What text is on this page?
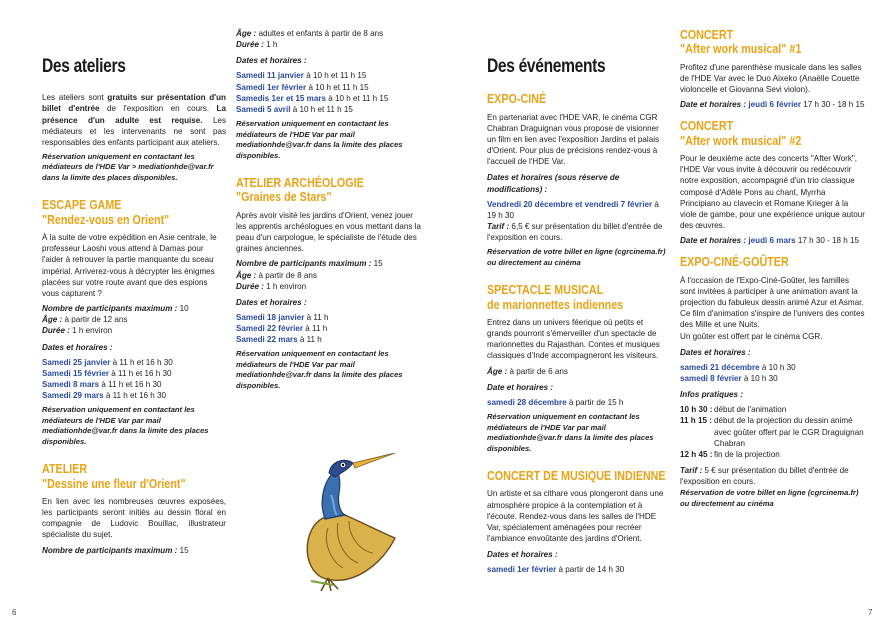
Des ateliers

Les ateliers sont gratuits sur présentation d'un billet d'entrée de l'exposition en cours. La présence d'un adulte est requise. Les médiateurs et les intervenants ne sont pas responsables des enfants participant aux ateliers.

Réservation uniquement en contactant les médiateurs de l'HDE Var > mediationhde@var.fr dans la limite des places disponibles.

ESCAPE GAME
"Rendez-vous en Orient"

À la suite de votre expédition en Asie centrale, le professeur Laoshi vous attend à Damas pour l'aider à retrouver la partie manquante du sceau impérial. Arriverez-vous à décrypter les énigmes placées sur votre route avant que des espions vous capturent ?

Nombre de participants maximum : 10

Âge : à partir de 12 ans

Durée : 1 h environ

Dates et horaires :

Samedi 25 janvier à 11 h et 16 h 30

Samedi 15 février à 11 h et 16 h 30

Samedi 8 mars à 11 h et 16 h 30

Samedi 29 mars à 11 h et 16 h 30

Réservation uniquement en contactant les médiateurs de l'HDE Var par mail mediationhde@var.fr dans la limite des places disponibles.

ATELIER
"Dessine une fleur d'Orient"

En lien avec les nombreuses œuvres exposées, les participants seront initiés au dessin floral en compagnie de Ludovic Bouillac, illustrateur spécialiste du sujet.

Nombre de participants maximum : 15

Âge : adultes et enfants à partir de 8 ans

Durée : 1 h

Dates et horaires :

Samedi 11 janvier à 10 h et 11 h 15

Samedi 1er février à 10 h et 11 h 15

Samedis 1er et 15 mars à 10 h et 11 h 15

Samedi 5 avril à 10 h et 11 h 15

Réservation uniquement en contactant les médiateurs de l'HDE Var par mail mediationhde@var.fr dans la limite des places disponibles.

ATELIER ARCHÉOLOGIE
"Graines de Stars"

Après avoir visité les jardins d'Orient, venez jouer les apprentis archéologues en vous mettant dans la peau d'un carpologue, le spécialiste de l'étude des graines anciennes.

Nombre de participants maximum : 15

Âge : à partir de 8 ans

Durée : 1 h environ

Dates et horaires :

Samedi 18 janvier à 11 h

Samedi 22 février à 11 h

Samedi 22 mars à 11 h

Réservation uniquement en contactant les médiateurs de l'HDE Var par mail mediationhde@var.fr dans la limite des places disponibles.

Des événements
EXPO-CINÉ

En partenariat avec l'HDE VAR, le cinéma CGR Chabran Draguignan vous propose de visionner un film en lien avec l'exposition Jardins et palais d'Orient. Pour plus de précisions rendez-vous à l'accueil de l'HDE Var.

Dates et horaires (sous réserve de modifications) :

Vendredi 20 décembre et vendredi 7 février à 19 h 30

Tarif : 6,5 € sur présentation du billet d'entrée de l'exposition en cours.

Réservation de votre billet en ligne (cgrcinema.fr) ou directement au cinéma

SPECTACLE MUSICAL
de marionnettes indiennes

Entrez dans un univers féerique où petits et grands pourront s'émerveiller d'un spectacle de marionnettes du Rajasthan. Contes et musiques classiques d'Inde accompagneront les visiteurs.

Âge : à partir de 6 ans

Date et horaires :

samedi 28 décembre à partir de 15 h

Réservation uniquement en contactant les médiateurs de l'HDE Var par mail mediationhde@var.fr dans la limite des places disponibles.

CONCERT DE MUSIQUE INDIENNE

Un artiste et sa cithare vous plongeront dans une atmosphère propice à la contemplation et à l'écoute. Rendez-vous dans les salles de l'HDE Var, spécialement aménagées pour recréer l'ambiance envoûtante des jardins d'Orient.

Dates et horaires :

samedi 1er février à partir de 14 h 30

CONCERT
"After work musical" #1

Profitez d'une parenthèse musicale dans les salles de l'HDE Var avec le Duo Aixeko (Anaëlle Couette violoncelle et Giovanna Sevi violon).

Date et horaires : jeudi 6 février 17 h 30 - 18 h 15

CONCERT
"After work musical" #2

Pour le deuxième acte des concerts "After Work", l'HDE Var vous invite à découvrir ou redécouvrir notre exposition, accompagné d'un trio classique composé d'Adèle Pons au chant, Myrrha Principiano au clavecin et Romane Krieger à la viole de gambe, pour une expérience unique autour des œuvres.

Date et horaires : jeudi 6 mars 17 h 30 - 18 h 15

EXPO-CINÉ-GOÛTER

À l'occasion de l'Expo-Ciné-Goûter, les familles sont invitées à participer à une animation avant la projection du fabuleux dessin animé Azur et Asmar. Ce film d'animation s'inspire de l'univers des contes des Mille et une Nuits.

Un goûter est offert par le cinéma CGR.

Dates et horaires :

samedi 21 décembre à 10 h 30

samedi 8 février à 10 h 30

Infos pratiques :

10 h 30 : début de l'animation
11 h 15 : début de la projection du dessin animé avec goûter offert par le CGR Draguignan Chabran
12 h 45 : fin de la projection

Tarif : 5 € sur présentation du billet d'entrée de l'exposition en cours.

Réservation de votre billet en ligne (cgrcinema.fr) ou directement au cinéma

6	7
